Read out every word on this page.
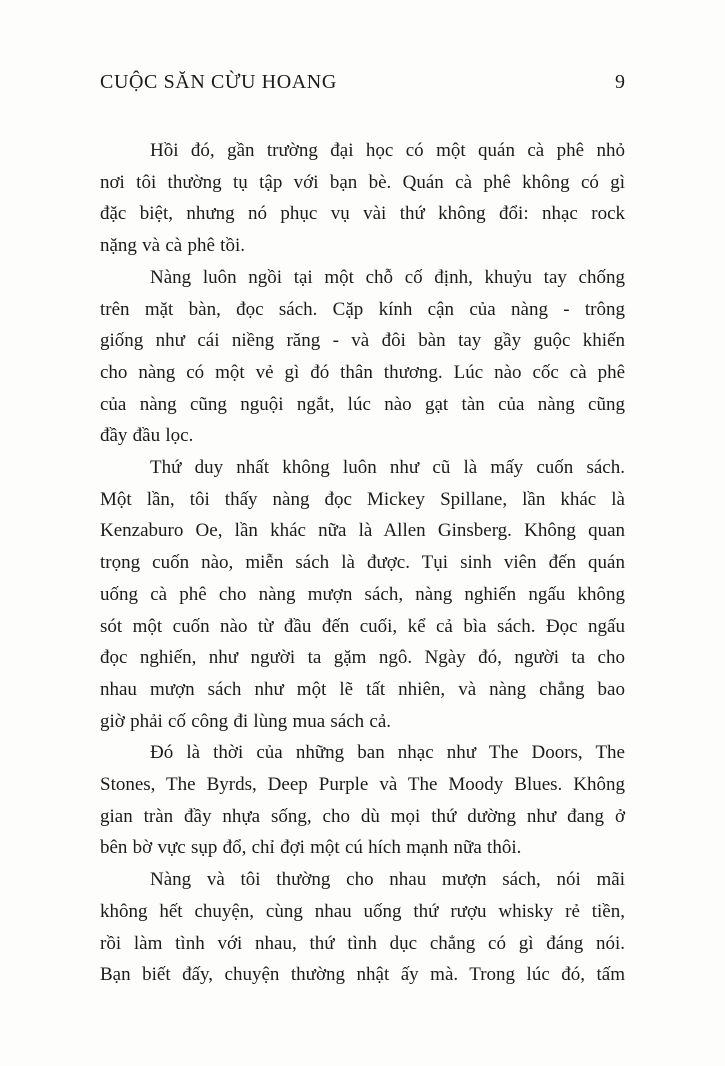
CUỘC SĂN CỪU HOANG	9
Hồi đó, gần trường đại học có một quán cà phê nhỏ
nơi tôi thường tụ tập với bạn bè. Quán cà phê không có gì
đặc biệt, nhưng nó phục vụ vài thứ không đổi: nhạc rock
nặng và cà phê tồi.
Nàng luôn ngồi tại một chỗ cố định, khuỷu tay chống
trên mặt bàn, đọc sách. Cặp kính cận của nàng - trông
giống như cái niềng răng - và đôi bàn tay gầy guộc khiến
cho nàng có một vẻ gì đó thân thương. Lúc nào cốc cà phê
của nàng cũng nguội ngắt, lúc nào gạt tàn của nàng cũng
đầy đầu lọc.
Thứ duy nhất không luôn như cũ là mấy cuốn sách.
Một lần, tôi thấy nàng đọc Mickey Spillane, lần khác là
Kenzaburo Oe, lần khác nữa là Allen Ginsberg. Không quan
trọng cuốn nào, miễn sách là được. Tụi sinh viên đến quán
uống cà phê cho nàng mượn sách, nàng nghiến ngấu không
sót một cuốn nào từ đầu đến cuối, kể cả bìa sách. Đọc ngấu
đọc nghiến, như người ta gặm ngô. Ngày đó, người ta cho
nhau mượn sách như một lẽ tất nhiên, và nàng chẳng bao
giờ phải cố công đi lùng mua sách cả.
Đó là thời của những ban nhạc như The Doors, The
Stones, The Byrds, Deep Purple và The Moody Blues. Không
gian tràn đầy nhựa sống, cho dù mọi thứ dường như đang ở
bên bờ vực sụp đổ, chỉ đợi một cú hích mạnh nữa thôi.
Nàng và tôi thường cho nhau mượn sách, nói mãi
không hết chuyện, cùng nhau uống thứ rượu whisky rẻ tiền,
rồi làm tình với nhau, thứ tình dục chẳng có gì đáng nói.
Bạn biết đấy, chuyện thường nhật ấy mà. Trong lúc đó, tấm
